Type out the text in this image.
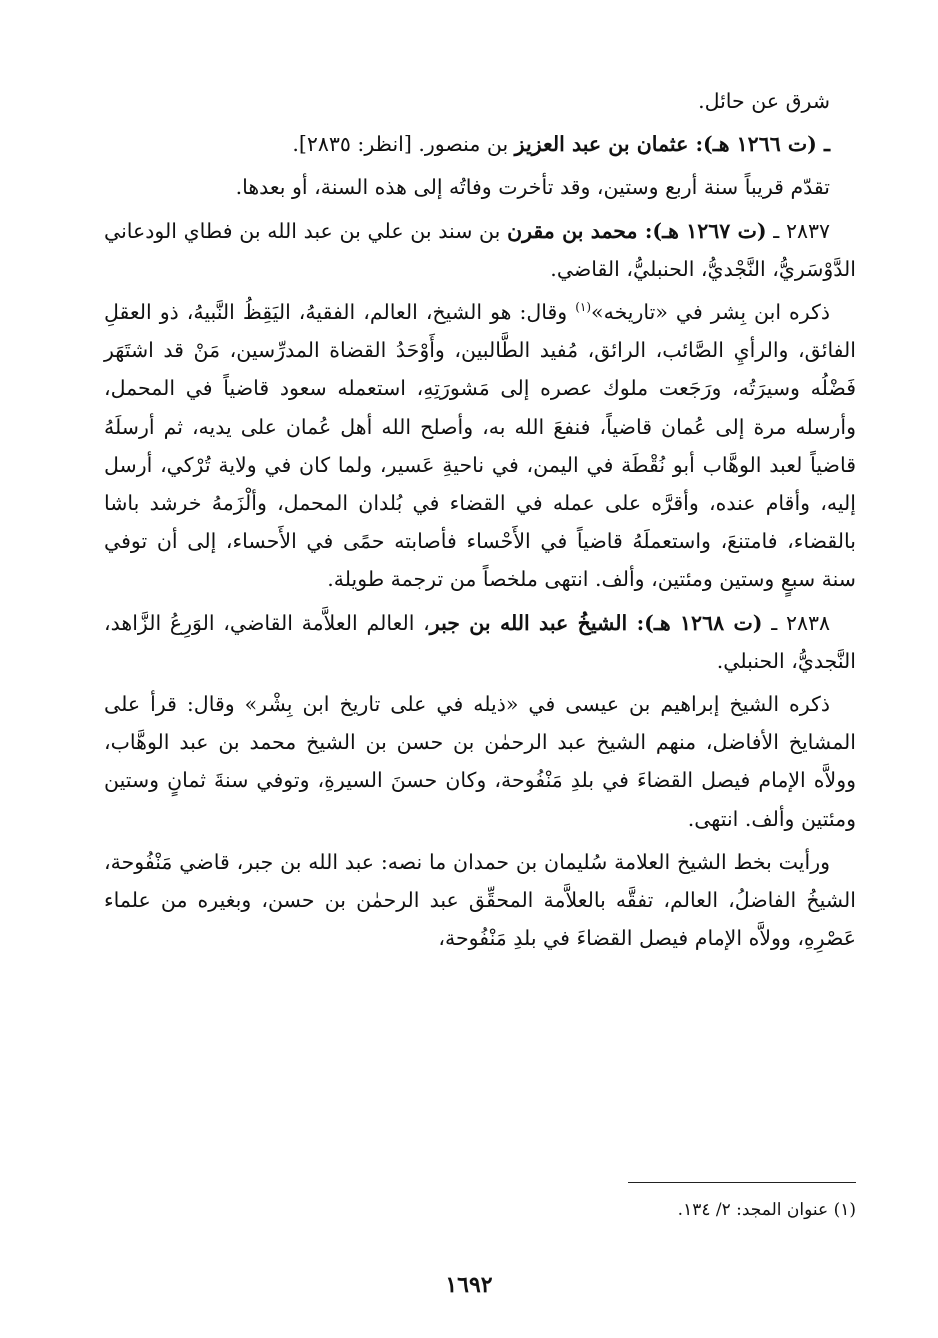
شرق عن حائل.

ـ (ت ١٢٦٦ هـ): عثمان بن عبد العزيز بن منصور. [انظر: ٢٨٣٥].

تقدّم قريباً سنة أربع وستين، وقد تأخرت وفاتُه إلى هذه السنة، أو بعدها.

٢٨٣٧ ـ (ت ١٢٦٧ هـ): محمد بن مقرن بن سند بن علي بن عبد الله بن فطاي الودعاني الدَّوْسَريُّ، النَّجْديُّ، الحنبليُّ، القاضي.

ذكره ابن بِشر في «تاريخه»$^{(١)}$ وقال: هو الشيخ، العالم، الفقيهُ، اليَقِظُ النَّبيهُ، ذو العقلِ الفائق، والرأيِ الصَّائب، الرائق، مُفيد الطَّالبين، وأَوْحَدُ القضاة المدرِّسين، مَنْ قد اشتَهَر فَضْلُه وسيرَتُه، ورَجَعت ملوك عصره إلى مَشورَتِهِ، استعمله سعود قاضياً في المحمل، وأرسله مرة إلى عُمان قاضياً، فنفعَ الله به، وأصلح الله أهل عُمان على يديه، ثم أرسلَهُ قاضياً لعبد الوهَّاب أبو نُقْطَة في اليمن، في ناحيةِ عَسير، ولما كان في ولاية تُرْكي، أرسل إليه، وأقام عنده، وأقرَّه على عمله في القضاء في بُلدان المحمل، وألْزَمهُ خرشد باشا بالقضاء، فامتنعَ، واستعملَهُ قاضياً في الأَحْساء فأصابته حمًى في الأَحساء، إلى أن توفي سنة سبعٍ وستين ومئتين، وألف. انتهى ملخصاً من ترجمة طويلة.

٢٨٣٨ ـ (ت ١٢٦٨ هـ): الشيخُ عبد الله بن جبر، العالم العلاَّمة القاضي، الوَرِعُ الزَّاهد، النَّجديُّ، الحنبلي.

ذكره الشيخ إبراهيم بن عيسى في «ذيله في على تاريخ ابن بِشْر» وقال: قرأ على المشايخ الأفاضل، منهم الشيخ عبد الرحمٰن بن حسن بن الشيخ محمد بن عبد الوهَّاب، وولاَّه الإمام فيصل القضاءَ في بلدِ مَنْفُوحة، وكان حسنَ السيرةِ، وتوفي سنةَ ثمانٍ وستين ومئتين وألف. انتهى.

ورأيت بخط الشيخ العلامة سُليمان بن حمدان ما نصه: عبد الله بن جبر، قاضي مَنْفُوحة، الشيخُ الفاضلُ، العالم، تفقَّه بالعلاَّمة المحقِّق عبد الرحمٰن بن حسن، وبغيره من علماء عَصْرِهِ، وولاَّه الإمام فيصل القضاءَ في بلدِ مَنْفُوحة،

(١) عنوان المجد: ٢/ ١٣٤.
١٦٩٢
